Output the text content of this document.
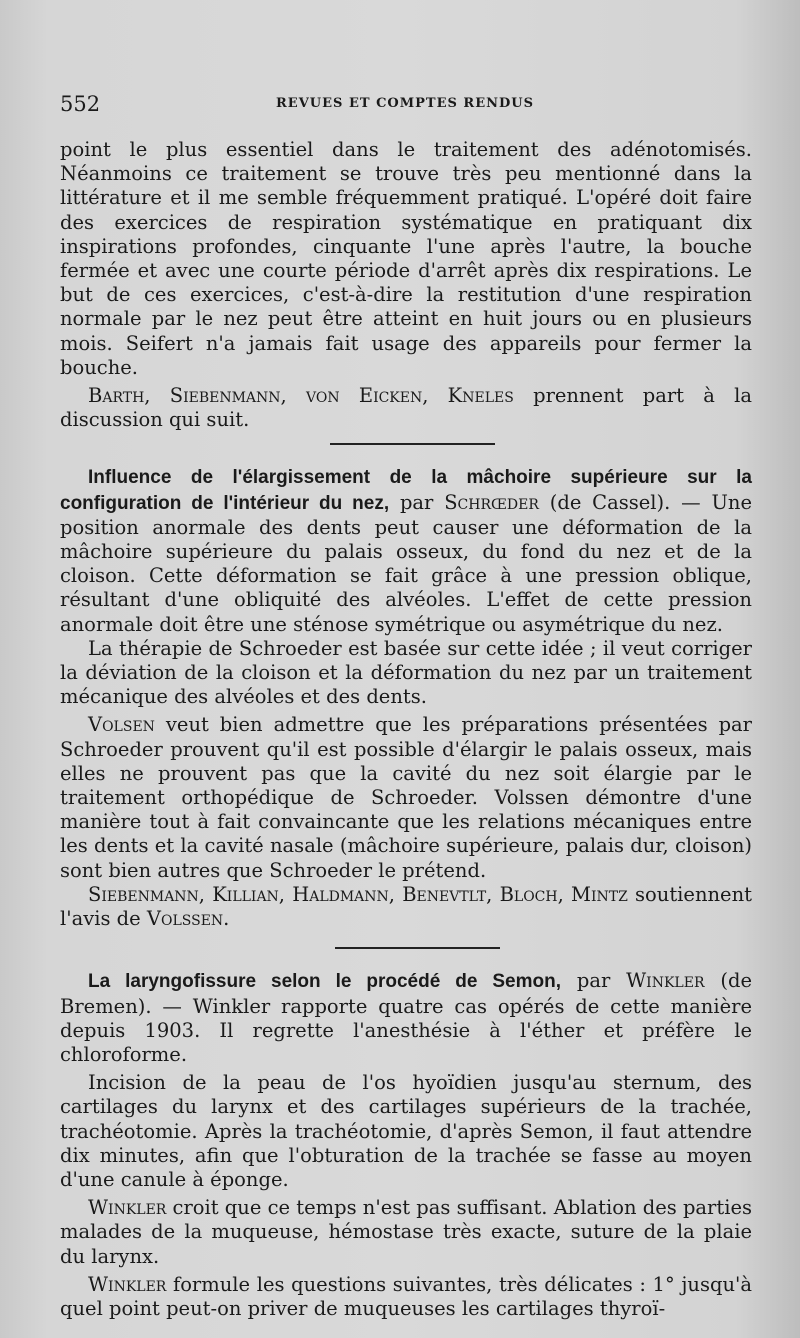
552	REVUES ET COMPTES RENDUS

point le plus essentiel dans le traitement des adénotomisés. Néanmoins ce traitement se trouve très peu mentionné dans la littérature et il me semble fréquemment pratiqué. L'opéré doit faire des exercices de respiration systématique en pratiquant dix inspirations profondes, cinquante l'une après l'autre, la bouche fermée et avec une courte période d'arrêt après dix respirations. Le but de ces exercices, c'est-à-dire la restitution d'une respiration normale par le nez peut être atteint en huit jours ou en plusieurs mois. Seifert n'a jamais fait usage des appareils pour fermer la bouche.

Barth, Siebenmann, von Eicken, Kneles prennent part à la discussion qui suit.

Influence de l'élargissement de la mâchoire supérieure sur la configuration de l'intérieur du nez, par Schrœder (de Cassel). — Une position anormale des dents peut causer une déformation de la mâchoire supérieure du palais osseux, du fond du nez et de la cloison. Cette déformation se fait grâce à une pression oblique, résultant d'une obliquité des alvéoles. L'effet de cette pression anormale doit être une sténose symétrique ou asymétrique du nez.

La thérapie de Schroeder est basée sur cette idée ; il veut corriger la déviation de la cloison et la déformation du nez par un traitement mécanique des alvéoles et des dents.

Volsen veut bien admettre que les préparations présentées par Schroeder prouvent qu'il est possible d'élargir le palais osseux, mais elles ne prouvent pas que la cavité du nez soit élargie par le traitement orthopédique de Schroeder. Volssen démontre d'une manière tout à fait convaincante que les relations mécaniques entre les dents et la cavité nasale (mâchoire supérieure, palais dur, cloison) sont bien autres que Schroeder le prétend.

Siebenmann, Killian, Haldmann, Benevtlt, Bloch, Mintz soutiennent l'avis de Volssen.

La laryngofissure selon le procédé de Semon, par Winkler (de Bremen). — Winkler rapporte quatre cas opérés de cette manière depuis 1903. Il regrette l'anesthésie à l'éther et préfère le chloroforme.

Incision de la peau de l'os hyoïdien jusqu'au sternum, des cartilages du larynx et des cartilages supérieurs de la trachée, trachéotomie. Après la trachéotomie, d'après Semon, il faut attendre dix minutes, afin que l'obturation de la trachée se fasse au moyen d'une canule à éponge.

Winkler croit que ce temps n'est pas suffisant. Ablation des parties malades de la muqueuse, hémostase très exacte, suture de la plaie du larynx.

Winkler formule les questions suivantes, très délicates : 1° jusqu'à quel point peut-on priver de muqueuses les cartilages thyroï-
